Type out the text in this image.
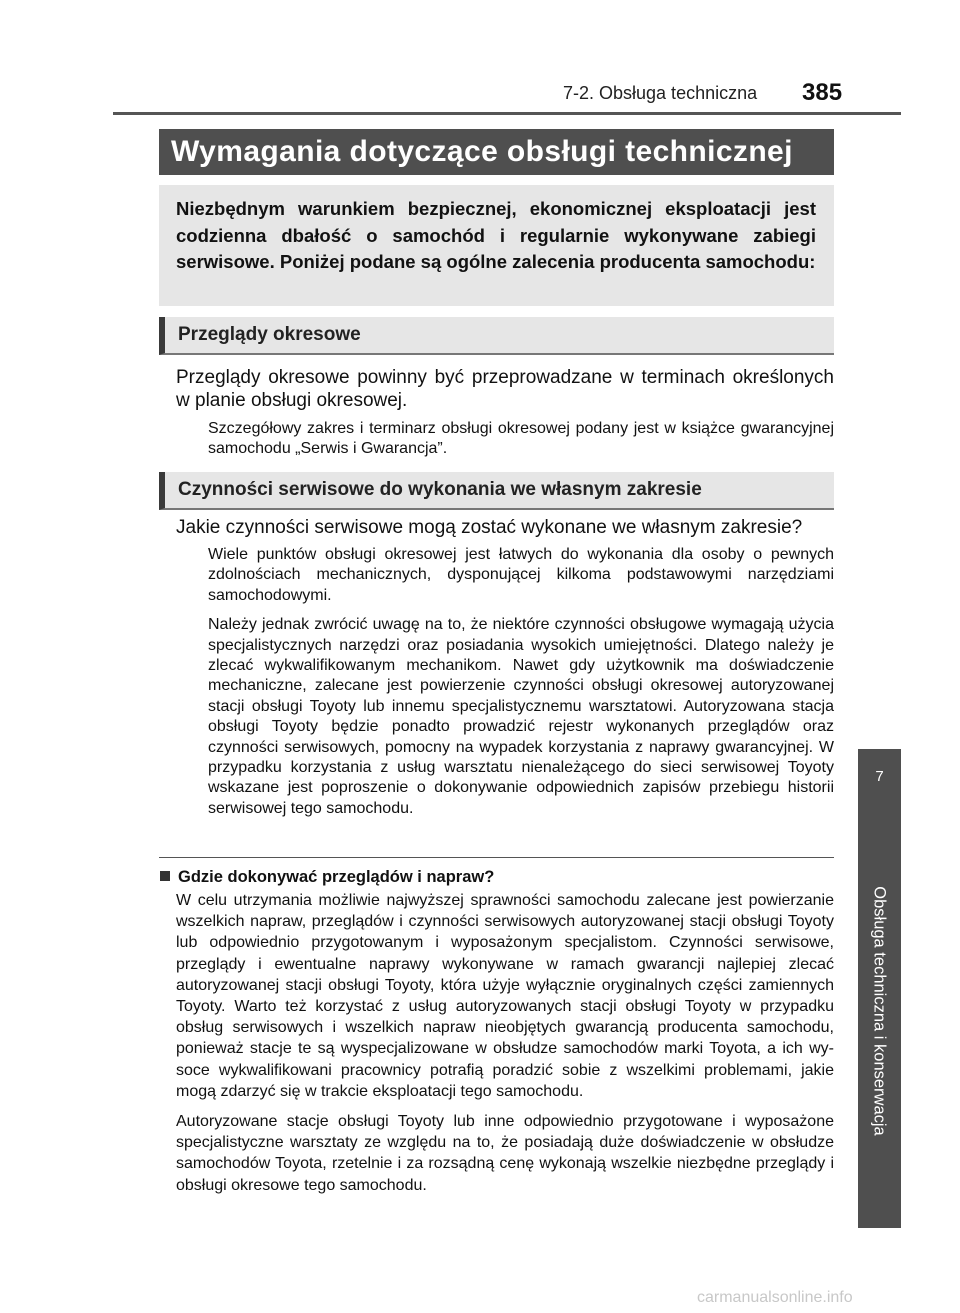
7-2. Obsługa techniczna 385
Wymagania dotyczące obsługi technicznej
Niezbędnym warunkiem bezpiecznej, ekonomicznej eksploatacji jest codzienna dbałość o samochód i regularnie wykonywane zabiegi serwisowe. Poniżej podane są ogólne zalecenia producenta samochodu:
Przeglądy okresowe
Przeglądy okresowe powinny być przeprowadzane w terminach określonych w planie obsługi okresowej.
Szczegółowy zakres i terminarz obsługi okresowej podany jest w książce gwarancyjnej samochodu „Serwis i Gwarancja”.
Czynności serwisowe do wykonania we własnym zakresie
Jakie czynności serwisowe mogą zostać wykonane we własnym zakresie?

Wiele punktów obsługi okresowej jest łatwych do wykonania dla osoby o pewnych zdolnościach mechanicznych, dysponującej kilkoma podstawowymi narzędziami samochodowymi.

Należy jednak zwrócić uwagę na to, że niektóre czynności obsługowe wymagają użycia specjalistycznych narzędzi oraz posiadania wysokich umiejętności. Dlatego należy je zlecać wykwalifikowanym mechanikom. Nawet gdy użytkownik ma doświadczenie mechaniczne, zalecane jest powierzenie czynności obsługi okresowej autoryzowanej stacji obsługi Toyoty lub innemu specjalistycznemu warsztatowi. Autoryzowana stacja obsługi Toyoty będzie ponadto prowadzić rejestr wykonanych przeglądów oraz czynności serwisowych, pomocny na wypadek korzystania z naprawy gwarancyjnej. W przypadku korzystania z usług warsztatu nienależącego do sieci serwisowej Toyoty wskazane jest poproszenie o dokonywanie odpowiednich zapisów przebiegu historii serwisowej tego samochodu.

Gdzie dokonywać przeglądów i napraw?

W celu utrzymania możliwie najwyższej sprawności samochodu zalecane jest powierzanie wszelkich napraw, przeglądów i czynności serwisowych autoryzowanej stacji obsługi Toyoty lub odpowiednio przygotowanym i wyposażonym specjalistom. Czynności serwisowe, przeglądy i ewentualne naprawy wykonywane w ramach gwarancji najlepiej zlecać autoryzowanej stacji obsługi Toyoty, która użyje wyłącznie oryginalnych części zamiennych Toyoty. Warto też korzystać z usług autoryzowanych stacji obsługi Toyoty w przypadku obsług serwisowych i wszelkich napraw nieobjętych gwarancją producenta samochodu, ponieważ stacje te są wyspecjalizowane w obsłudze samochodów marki Toyota, a ich wysoce wykwalifikowani pracownicy potrafią poradzić sobie z wszelkimi problemami, jakie mogą zdarzyć się w trakcie eksploatacji tego samochodu.

Autoryzowane stacje obsługi Toyoty lub inne odpowiednio przygotowane i wyposażone specjalistyczne warsztaty ze względu na to, że posiadają duże doświadczenie w obsłudze samochodów Toyota, rzetelnie i za rozsądną cenę wykonają wszelkie niezbędne przeglądy i obsługi okresowe tego samochodu.

7
Obsługa techniczna i konserwacja
carmanualsonline.info
